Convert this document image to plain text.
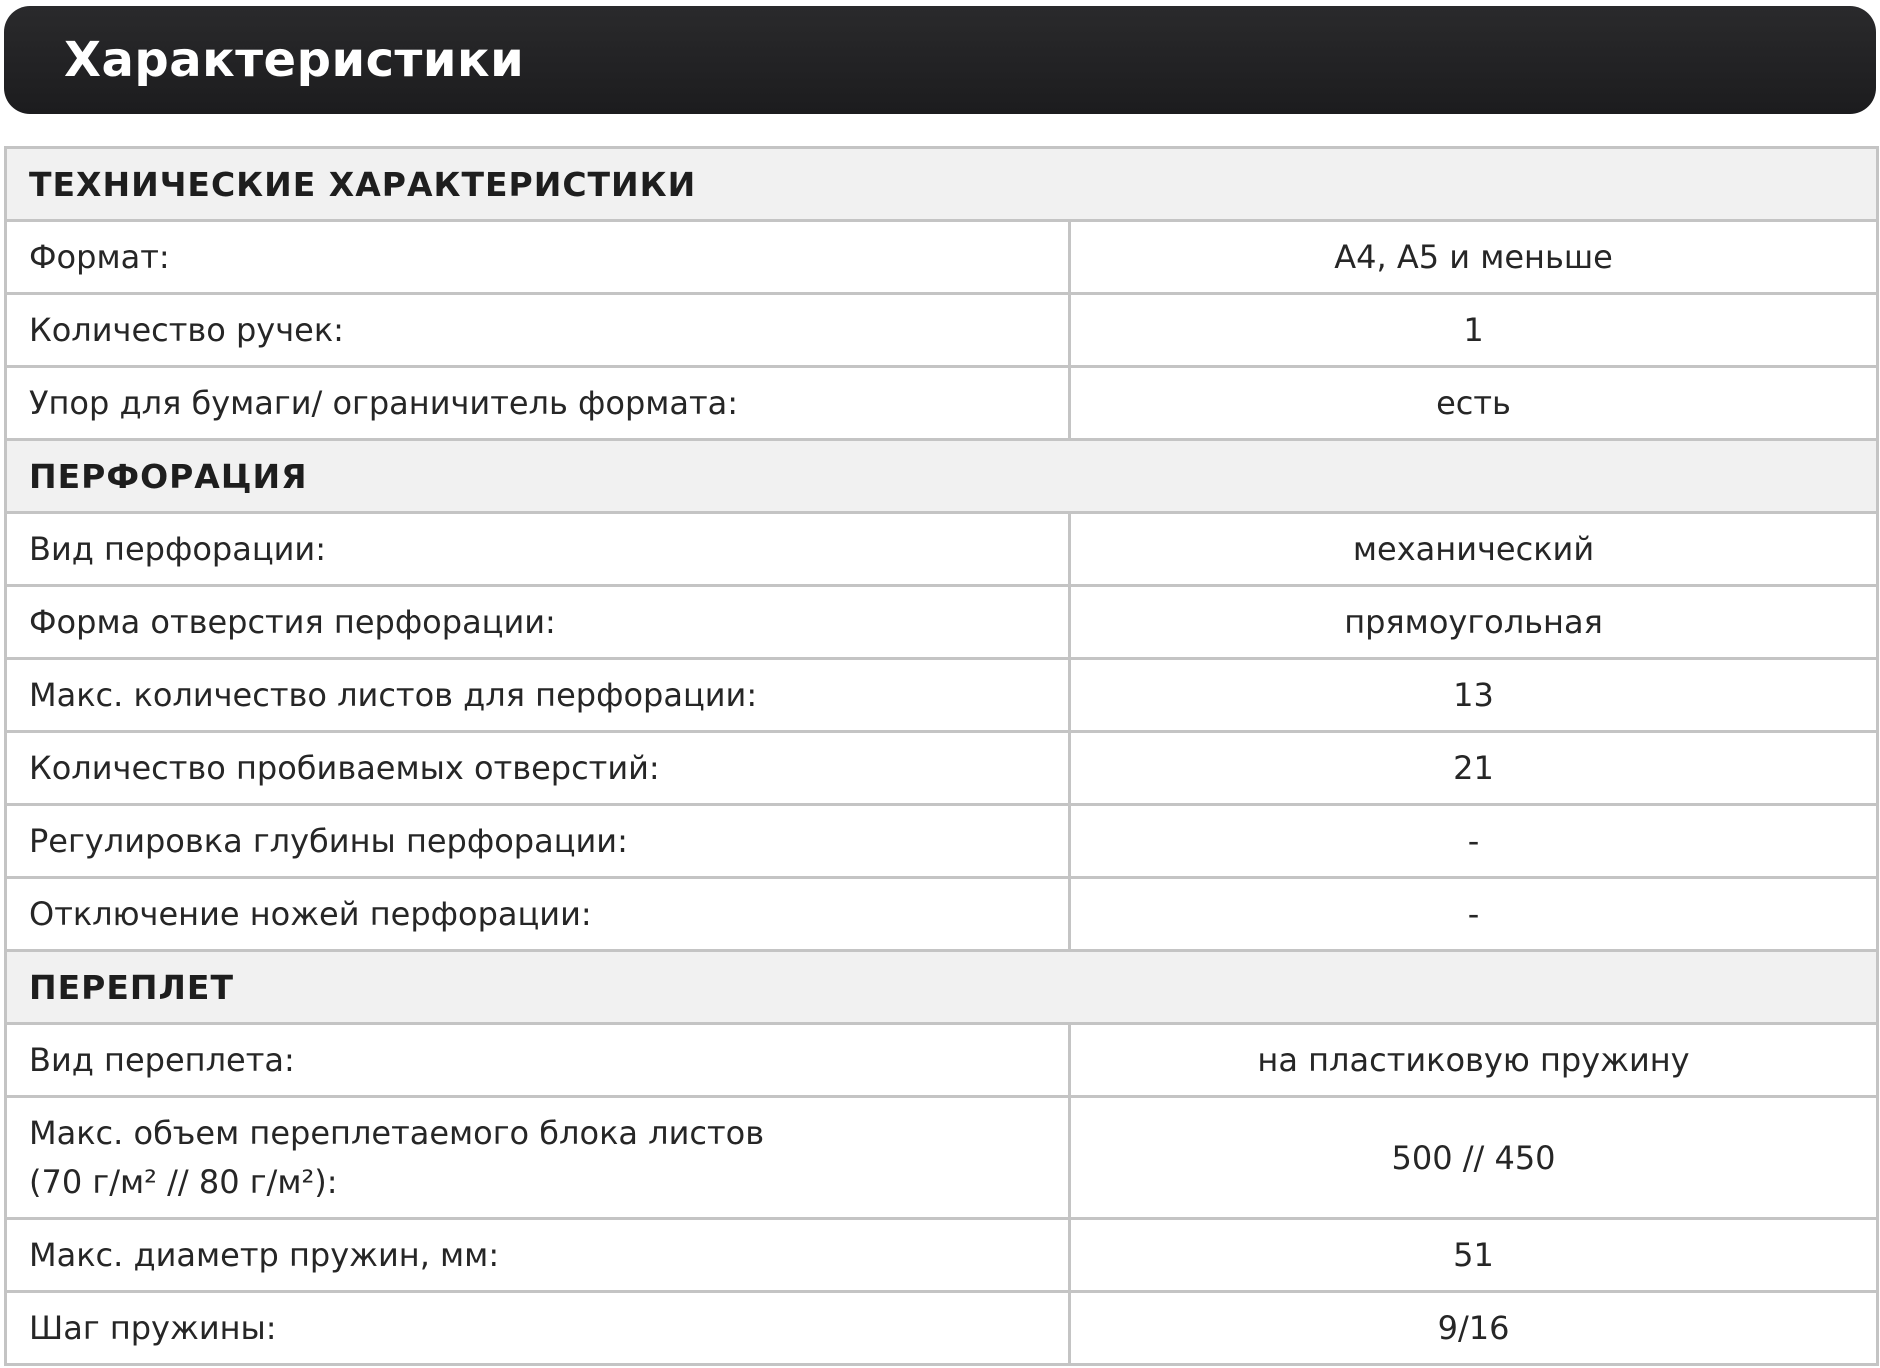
Характеристики
ТЕХНИЧЕСКИЕ ХАРАКТЕРИСТИКИ	
Формат:	A4, A5 и меньше
Количество ручек:	1
Упор для бумаги/ ограничитель формата:	есть
ПЕРФОРАЦИЯ	
Вид перфорации:	механический
Форма отверстия перфорации:	прямоугольная
Макс. количество листов для перфорации:	13
Количество пробиваемых отверстий:	21
Регулировка глубины перфорации:	-
Отключение ножей перфорации:	-
ПЕРЕПЛЕТ	
Вид переплета:	на пластиковую пружину

Макс. объем переплетаемого блока листов
(70 г/м² // 80 г/м²):	500 // 450
Макс. диаметр пружин, мм:	51
Шаг пружины:	9/16
